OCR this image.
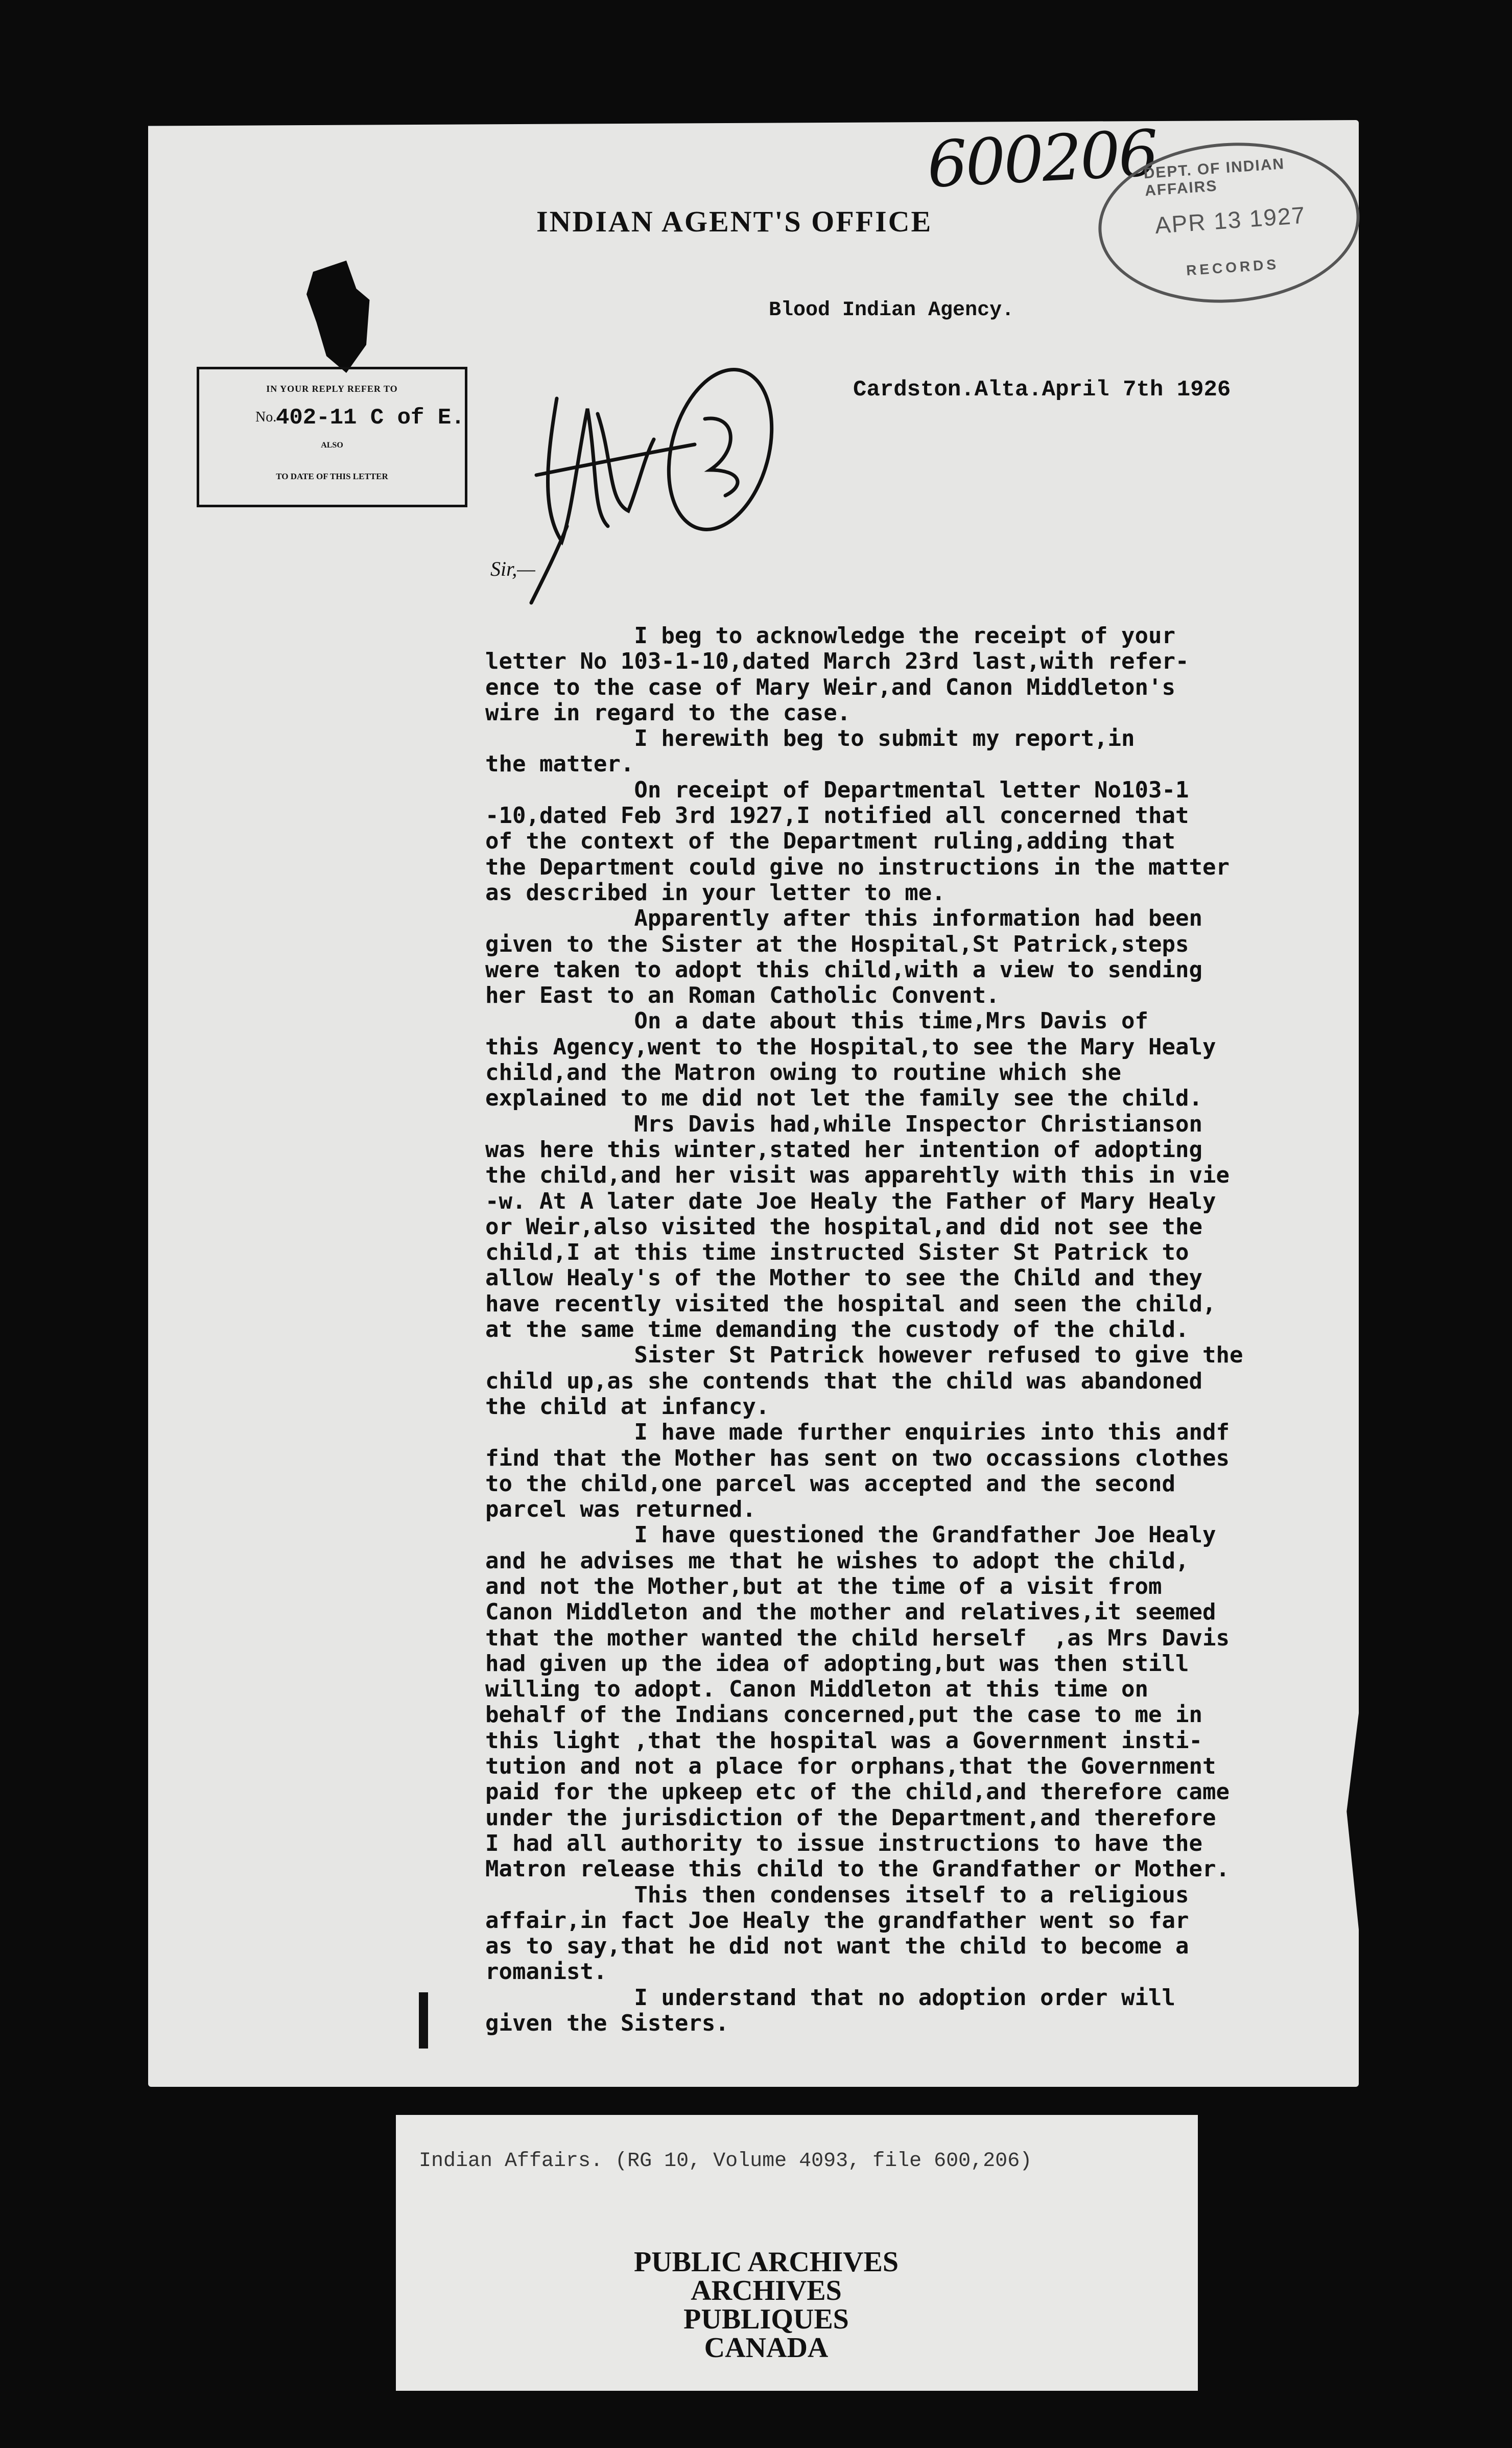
INDIAN AGENT'S OFFICE
600206
DEPT. OF INDIAN AFFAIRS
APR 13 1927
RECORDS
IN YOUR REPLY REFER TO
No.
ALSO
TO DATE OF THIS LETTER
402-11 C of E.
Blood Indian Agency.
Cardston.Alta.April 7th 1926
Sir,—
I beg to acknowledge the receipt of your
letter No 103-1-10,dated March 23rd last,with refer-
ence to the case of Mary Weir,and Canon Middleton's
wire in regard to the case.
I herewith beg to submit my report,in
the matter.
On receipt of Departmental letter No103-1
-10,dated Feb 3rd 1927,I notified all concerned that
of the context of the Department ruling,adding that
the Department could give no instructions in the matter
as described in your letter to me.
Apparently after this information had been
given to the Sister at the Hospital,St Patrick,steps
were taken to adopt this child,with a view to sending
her East to an Roman Catholic Convent.
On a date about this time,Mrs Davis of
this Agency,went to the Hospital,to see the Mary Healy
child,and the Matron owing to routine which she
explained to me did not let the family see the child.
Mrs Davis had,while Inspector Christianson
was here this winter,stated her intention of adopting
the child,and her visit was apparehtly with this in vie
-w. At A later date Joe Healy the Father of Mary Healy
or Weir,also visited the hospital,and did not see the
child,I at this time instructed Sister St Patrick to
allow Healy's of the Mother to see the Child and they
have recently visited the hospital and seen the child,
at the same time demanding the custody of the child.
Sister St Patrick however refused to give the
child up,as she contends that the child was abandoned
the child at infancy.
I have made further enquiries into this andf
find that the Mother has sent on two occassions clothes
to the child,one parcel was accepted and the second
parcel was returned.
I have questioned the Grandfather Joe Healy
and he advises me that he wishes to adopt the child,
and not the Mother,but at the time of a visit from
Canon Middleton and the mother and relatives,it seemed
that the mother wanted the child herself  ,as Mrs Davis
had given up the idea of adopting,but was then still
willing to adopt. Canon Middleton at this time on
behalf of the Indians concerned,put the case to me in
this light ,that the hospital was a Government insti-
tution and not a place for orphans,that the Government
paid for the upkeep etc of the child,and therefore came
under the jurisdiction of the Department,and therefore
I had all authority to issue instructions to have the
Matron release this child to the Grandfather or Mother.
This then condenses itself to a religious
affair,in fact Joe Healy the grandfather went so far
as to say,that he did not want the child to become a
romanist.
I understand that no adoption order will
given the Sisters.
Indian Affairs. (RG 10, Volume 4093, file 600,206)
PUBLIC ARCHIVES
ARCHIVES PUBLIQUES
CANADA
